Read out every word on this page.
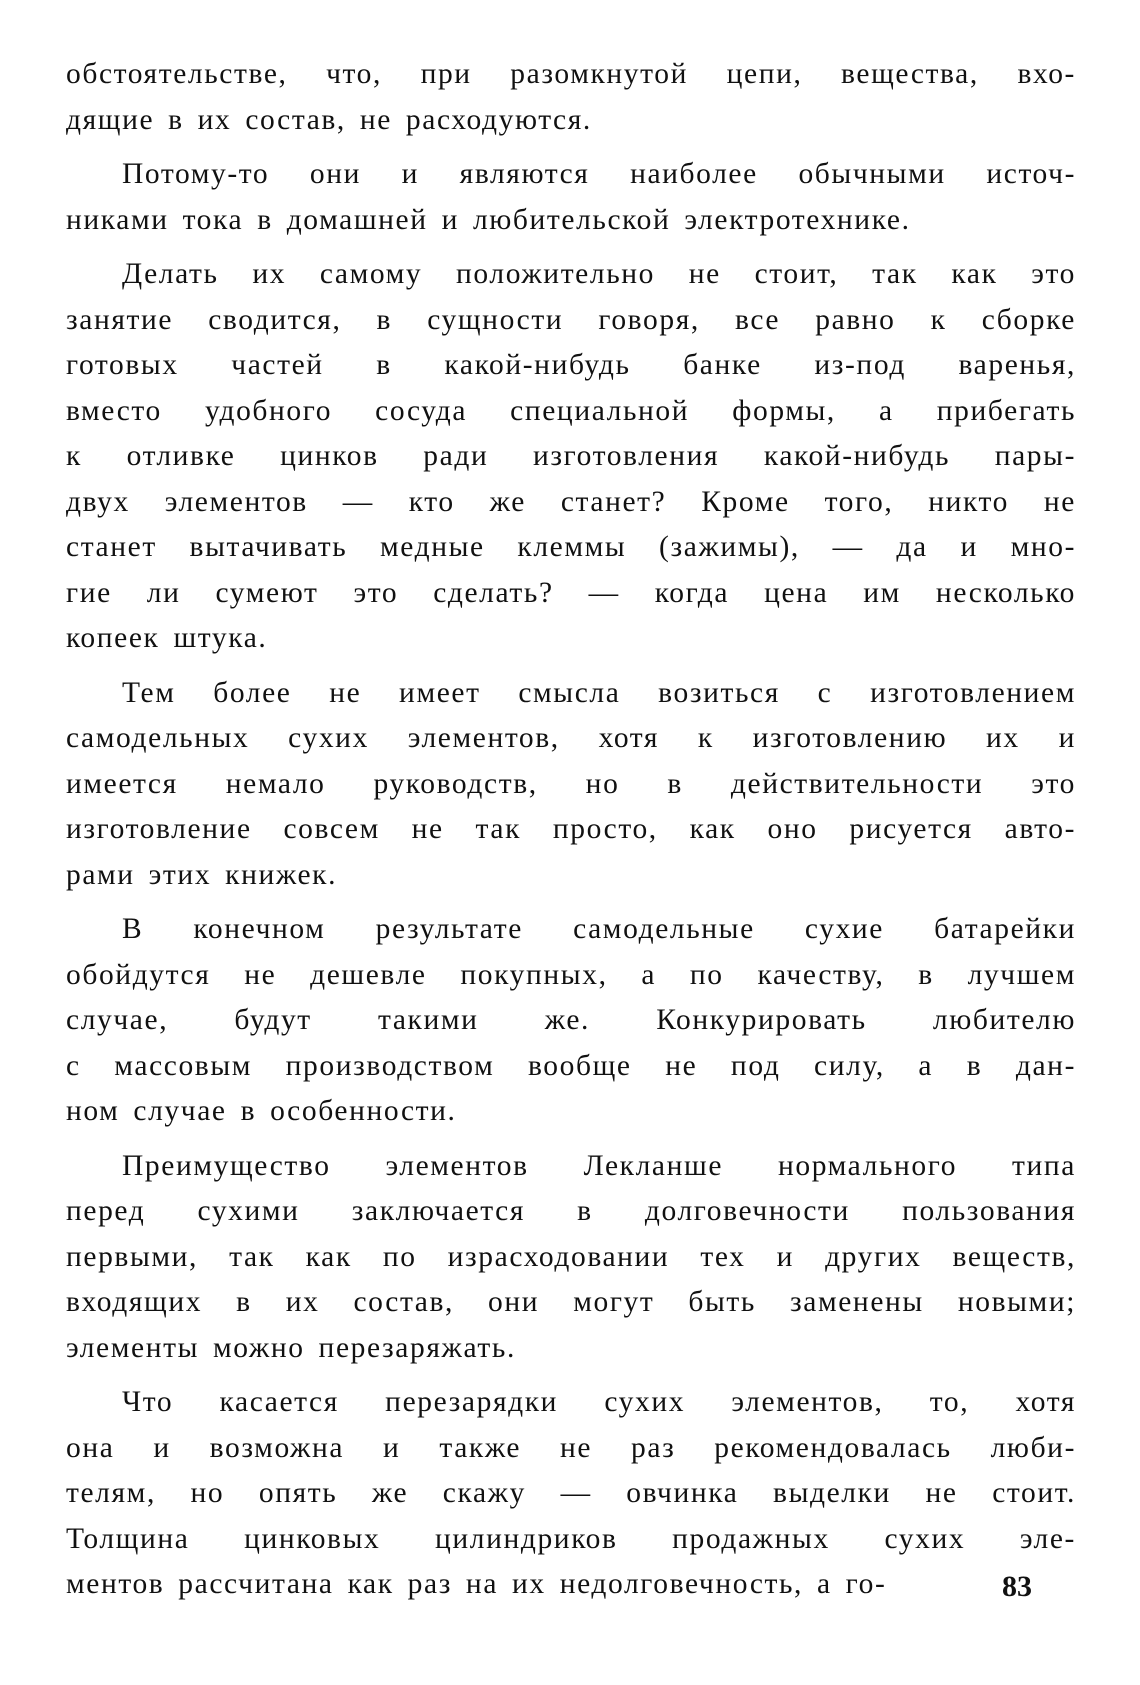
обстоятельстве, что, при разомкнутой цепи, вещества, вхо-
дящие в их состав, не расходуются.
Потому-то они и являются наиболее обычными источ-
никами тока в домашней и любительской электротехнике.
Делать их самому положительно не стоит, так как это
занятие сводится, в сущности говоря, все равно к сборке
готовых частей в какой-нибудь банке из-под варенья,
вместо удобного сосуда специальной формы, а прибегать
к отливке цинков ради изготовления какой-нибудь пары-
двух элементов — кто же станет? Кроме того, никто не
станет вытачивать медные клеммы (зажимы), — да и мно-
гие ли сумеют это сделать? — когда цена им несколько
копеек штука.
Тем более не имеет смысла возиться с изготовлением
самодельных сухих элементов, хотя к изготовлению их и
имеется немало руководств, но в действительности это
изготовление совсем не так просто, как оно рисуется авто-
рами этих книжек.
В конечном результате самодельные сухие батарейки
обойдутся не дешевле покупных, а по качеству, в лучшем
случае, будут такими же. Конкурировать любителю
с массовым производством вообще не под силу, а в дан-
ном случае в особенности.
Преимущество элементов Лекланше нормального типа
перед сухими заключается в долговечности пользования
первыми, так как по израсходовании тех и других веществ,
входящих в их состав, они могут быть заменены новыми;
элементы можно перезаряжать.
Что касается перезарядки сухих элементов, то, хотя
она и возможна и также не раз рекомендовалась люби-
телям, но опять же скажу — овчинка выделки не стоит.
Толщина цинковых цилиндриков продажных сухих эле-
ментов рассчитана как раз на их недолговечность, а го-	83
